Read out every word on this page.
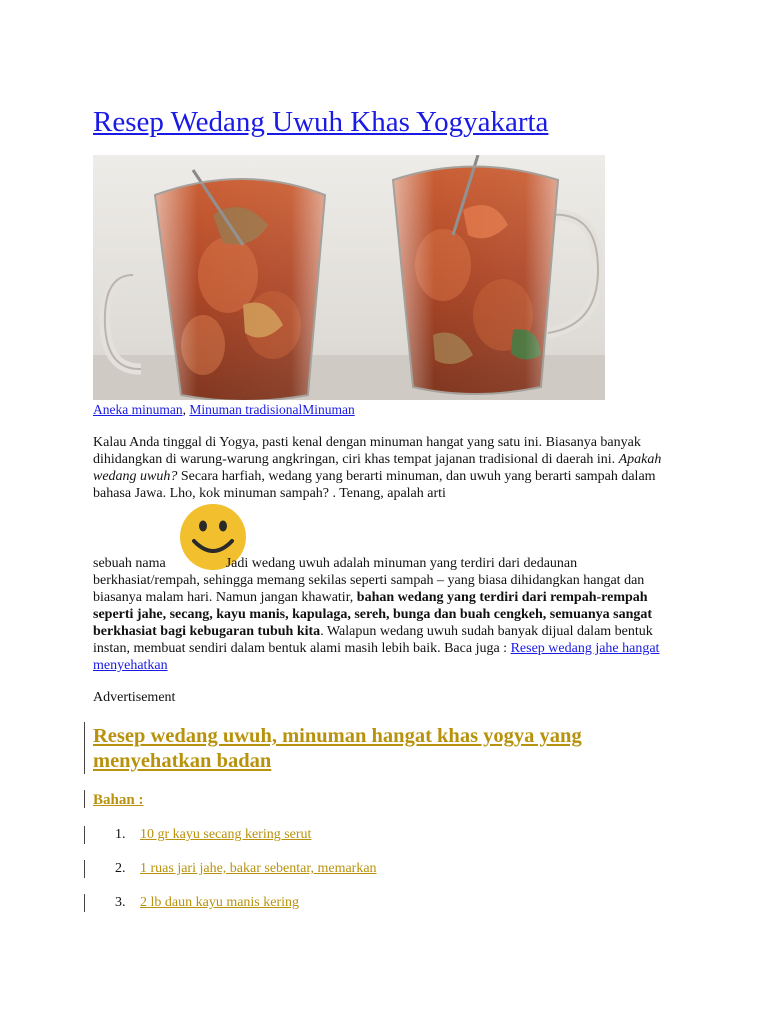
Resep Wedang Uwuh Khas Yogyakarta
Aneka minuman, Minuman tradisionalMinuman

Kalau Anda tinggal di Yogya, pasti kenal dengan minuman hangat yang satu ini. Biasanya banyak dihidangkan di warung-warung angkringan, ciri khas tempat jajanan tradisional di daerah ini. Apakah wedang uwuh? Secara harfiah, wedang yang berarti minuman, dan uwuh yang berarti sampah dalam bahasa Jawa. Lho, kok minuman sampah? . Tenang, apalah arti

sebuah nama	Jadi wedang uwuh adalah minuman yang terdiri dari dedaunan berkhasiat/rempah, sehingga memang sekilas seperti sampah – yang biasa dihidangkan hangat dan biasanya malam hari. Namun jangan khawatir, bahan wedang yang terdiri dari rempah-rempah seperti jahe, secang, kayu manis, kapulaga, sereh, bunga dan buah cengkeh, semuanya sangat berkhasiat bagi kebugaran tubuh kita. Walapun wedang uwuh sudah banyak dijual dalam bentuk instan, membuat sendiri dalam bentuk alami masih lebih baik. Baca juga : Resep wedang jahe hangat menyehatkan

Advertisement
Resep wedang uwuh, minuman hangat khas yogya yang menyehatkan badan
Bahan :
1. 10 gr kayu secang kering serut
2. 1 ruas jari jahe, bakar sebentar, memarkan
3. 2 lb daun kayu manis kering
